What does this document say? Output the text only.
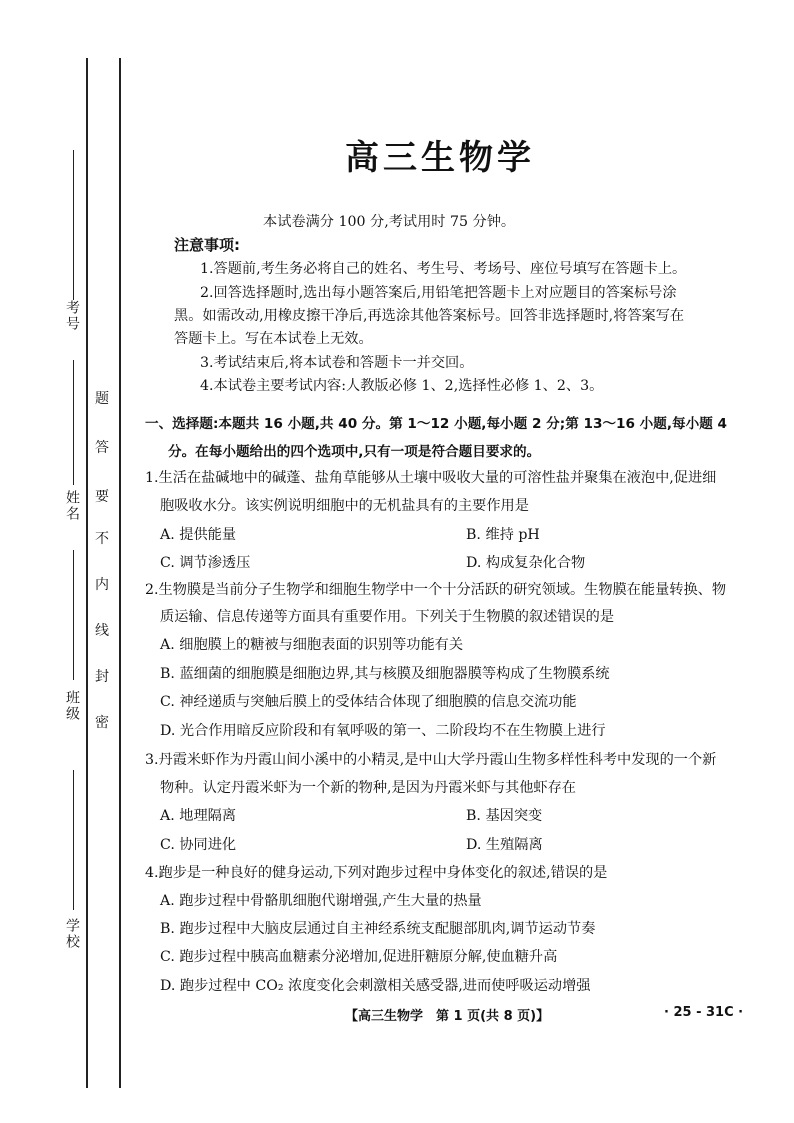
考号
姓名
班级
学校
题
答
要
不
内
线
封
密
高三生物学
本试卷满分 100 分,考试用时 75 分钟。
注意事项:
1.答题前,考生务必将自己的姓名、考生号、考场号、座位号填写在答题卡上。
2.回答选择题时,选出每小题答案后,用铅笔把答题卡上对应题目的答案标号涂
黑。如需改动,用橡皮擦干净后,再选涂其他答案标号。回答非选择题时,将答案写在
答题卡上。写在本试卷上无效。
3.考试结束后,将本试卷和答题卡一并交回。
4.本试卷主要考试内容:人教版必修 1、2,选择性必修 1、2、3。
一、选择题:本题共 16 小题,共 40 分。第 1～12 小题,每小题 2 分;第 13～16 小题,每小题 4
分。在每小题给出的四个选项中,只有一项是符合题目要求的。
1.生活在盐碱地中的碱蓬、盐角草能够从土壤中吸收大量的可溶性盐并聚集在液泡中,促进细
胞吸收水分。该实例说明细胞中的无机盐具有的主要作用是
A. 提供能量	B. 维持 pH
C. 调节渗透压	D. 构成复杂化合物
2.生物膜是当前分子生物学和细胞生物学中一个十分活跃的研究领域。生物膜在能量转换、物
质运输、信息传递等方面具有重要作用。下列关于生物膜的叙述错误的是
A. 细胞膜上的糖被与细胞表面的识别等功能有关
B. 蓝细菌的细胞膜是细胞边界,其与核膜及细胞器膜等构成了生物膜系统
C. 神经递质与突触后膜上的受体结合体现了细胞膜的信息交流功能
D. 光合作用暗反应阶段和有氧呼吸的第一、二阶段均不在生物膜上进行
3.丹霞米虾作为丹霞山间小溪中的小精灵,是中山大学丹霞山生物多样性科考中发现的一个新
物种。认定丹霞米虾为一个新的物种,是因为丹霞米虾与其他虾存在
A. 地理隔离	B. 基因突变
C. 协同进化	D. 生殖隔离
4.跑步是一种良好的健身运动,下列对跑步过程中身体变化的叙述,错误的是
A. 跑步过程中骨骼肌细胞代谢增强,产生大量的热量
B. 跑步过程中大脑皮层通过自主神经系统支配腿部肌肉,调节运动节奏
C. 跑步过程中胰高血糖素分泌增加,促进肝糖原分解,使血糖升高
D. 跑步过程中 CO₂ 浓度变化会刺激相关感受器,进而使呼吸运动增强
【高三生物学　第 1 页(共 8 页)】	· 25 - 31C ·
